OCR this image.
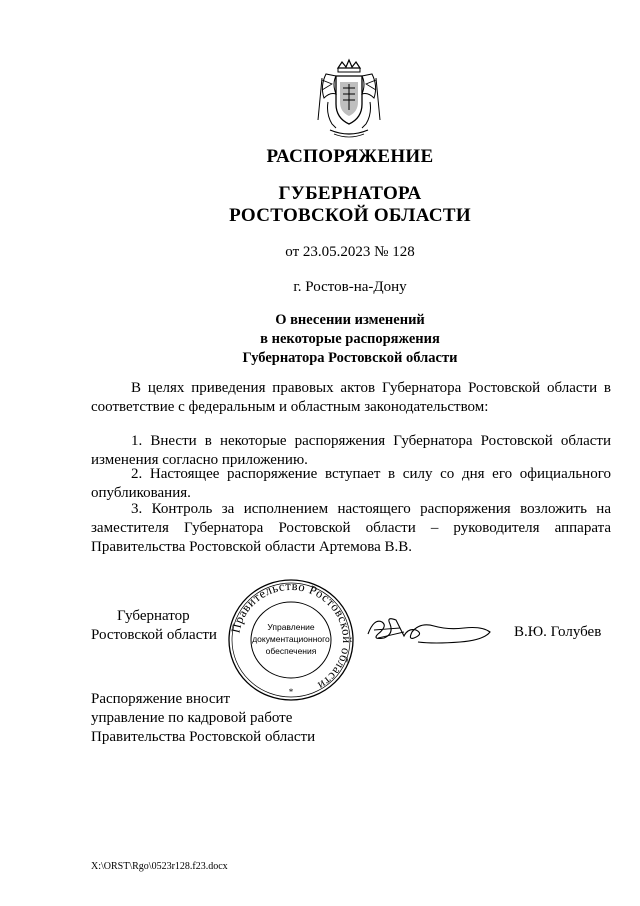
РАСПОРЯЖЕНИЕ
ГУБЕРНАТОРА
РОСТОВСКОЙ ОБЛАСТИ
от 23.05.2023 № 128
г. Ростов-на-Дону
О внесении изменений
в некоторые распоряжения
Губернатора Ростовской области

В целях приведения правовых актов Губернатора Ростовской области в соответствие с федеральным и областным законодательством:

1. Внести в некоторые распоряжения Губернатора Ростовской области изменения согласно приложению.

2. Настоящее распоряжение вступает в силу со дня его официального опубликования.

3. Контроль за исполнением настоящего распоряжения возложить на заместителя Губернатора Ростовской области – руководителя аппарата Правительства Ростовской области Артемова В.В.

Губернатор
Ростовской области Правительство Ростовской области
Управление
документационного
обеспечения
*
В.Ю. Голубев
Распоряжение вносит
управление по кадровой работе
Правительства Ростовской области
X:\ORST\Rgo\0523r128.f23.docx
